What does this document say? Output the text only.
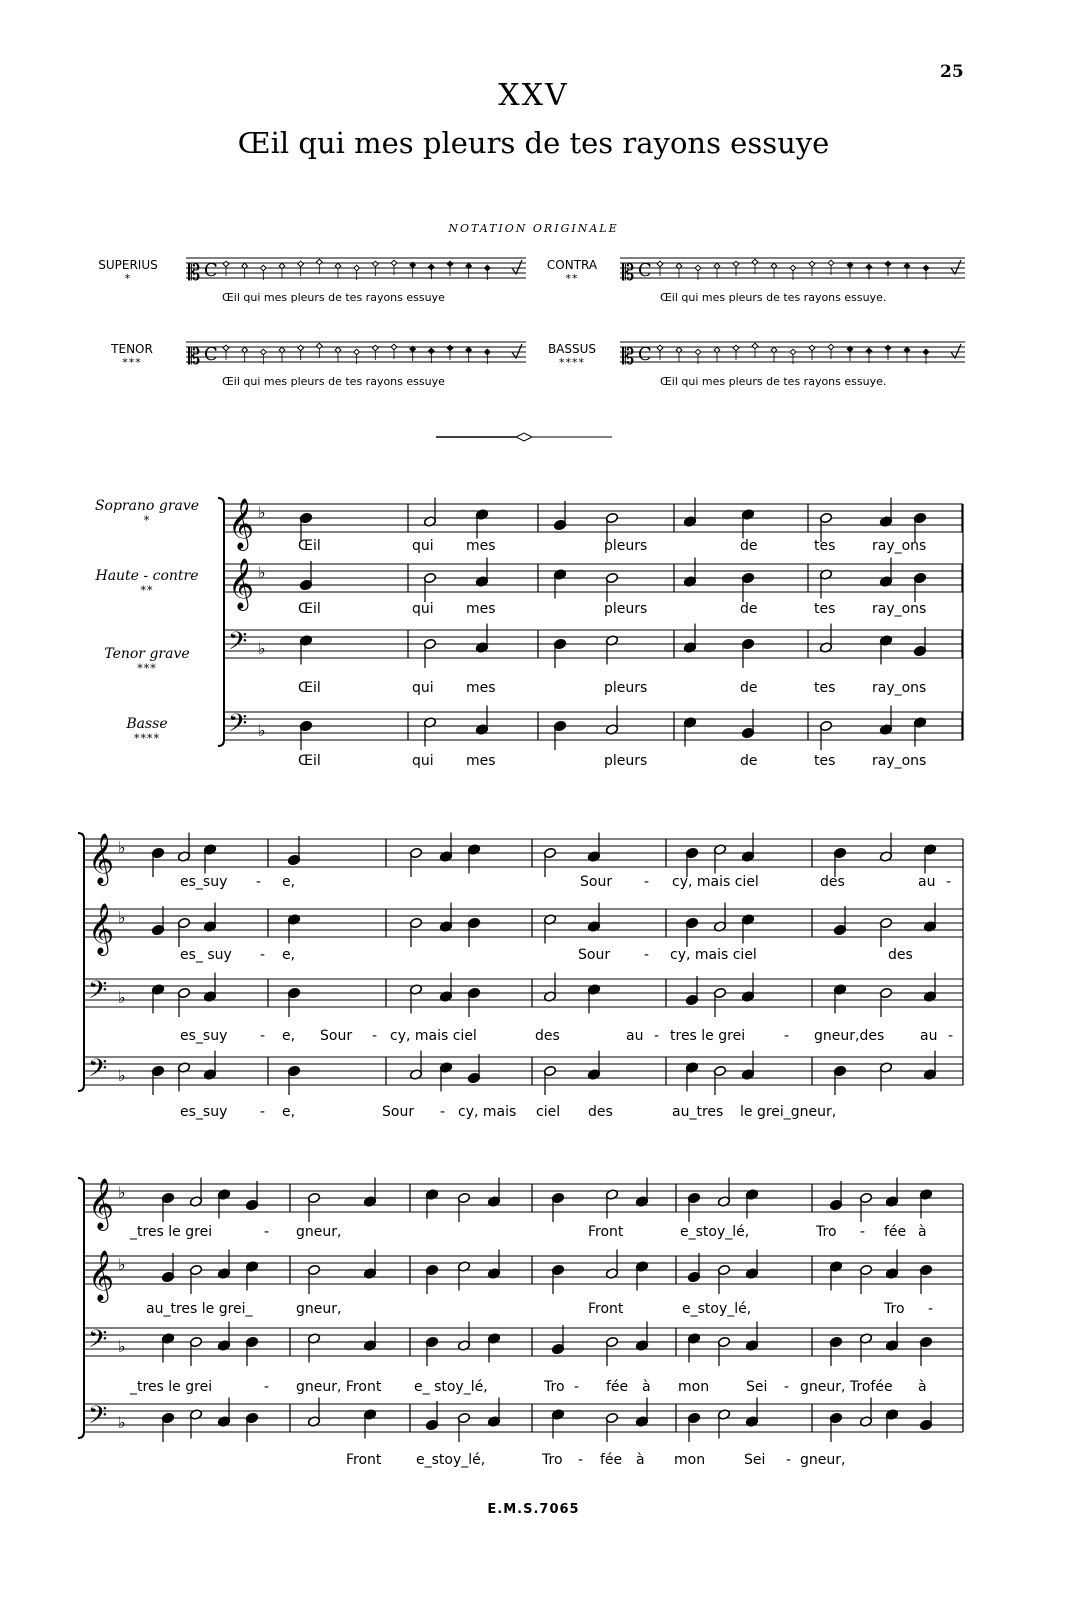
25
XXV
Œil qui mes pleurs de tes rayons essuye
NOTATION ORIGINALE
SUPERIUS
*
CONTRA
**
TENOR
***
BASSUS
****
𝄡 C	𝄡 C
𝄡 C	𝄡 C
Œil qui mes pleurs de tes rayons essuye	Œil qui mes pleurs de tes rayons essuye.
Œil qui mes pleurs de tes rayons essuye	Œil qui mes pleurs de tes rayons essuye.
Soprano grave
*
Haute - contre
**
Tenor grave
***
Basse
****
𝄞 ♭
𝄞 ♭
𝄢 ♭
𝄢 ♭
𝄞 ♭
𝄞 ♭
𝄢 ♭
𝄢 ♭
𝄞 ♭
𝄞 ♭
𝄢 ♭
𝄢 ♭
Œil	qui mes	pleurs	de	tes	ray_ons
Œil	qui mes	pleurs	de	tes	ray_ons
Œil	qui mes	pleurs	de	tes	ray_ons
Œil	qui mes	pleurs	de	tes	ray_ons
es_suy - e,	Sour - cy, mais ciel	des	au -
es_ suy - e,	Sour - cy, mais ciel	des
es_suy - e, Sour - cy, mais ciel	des	au - tres le grei	- gneur,des	au -
es_suy - e,	Sour - cy, mais ciel des	au_tres le grei_gneur,
_tres le grei	- gneur,	Front	e_stoy_lé,	Tro - fée à
au_tres le grei_	gneur,	Front	e_stoy_lé,	Tro -
_tres le grei	- gneur, Front e_ stoy_lé,	Tro - fée à mon	Sei - gneur, Trofée à
Front e_stoy_lé,	Tro - fée à mon	Sei - gneur,
E.M.S.7065
